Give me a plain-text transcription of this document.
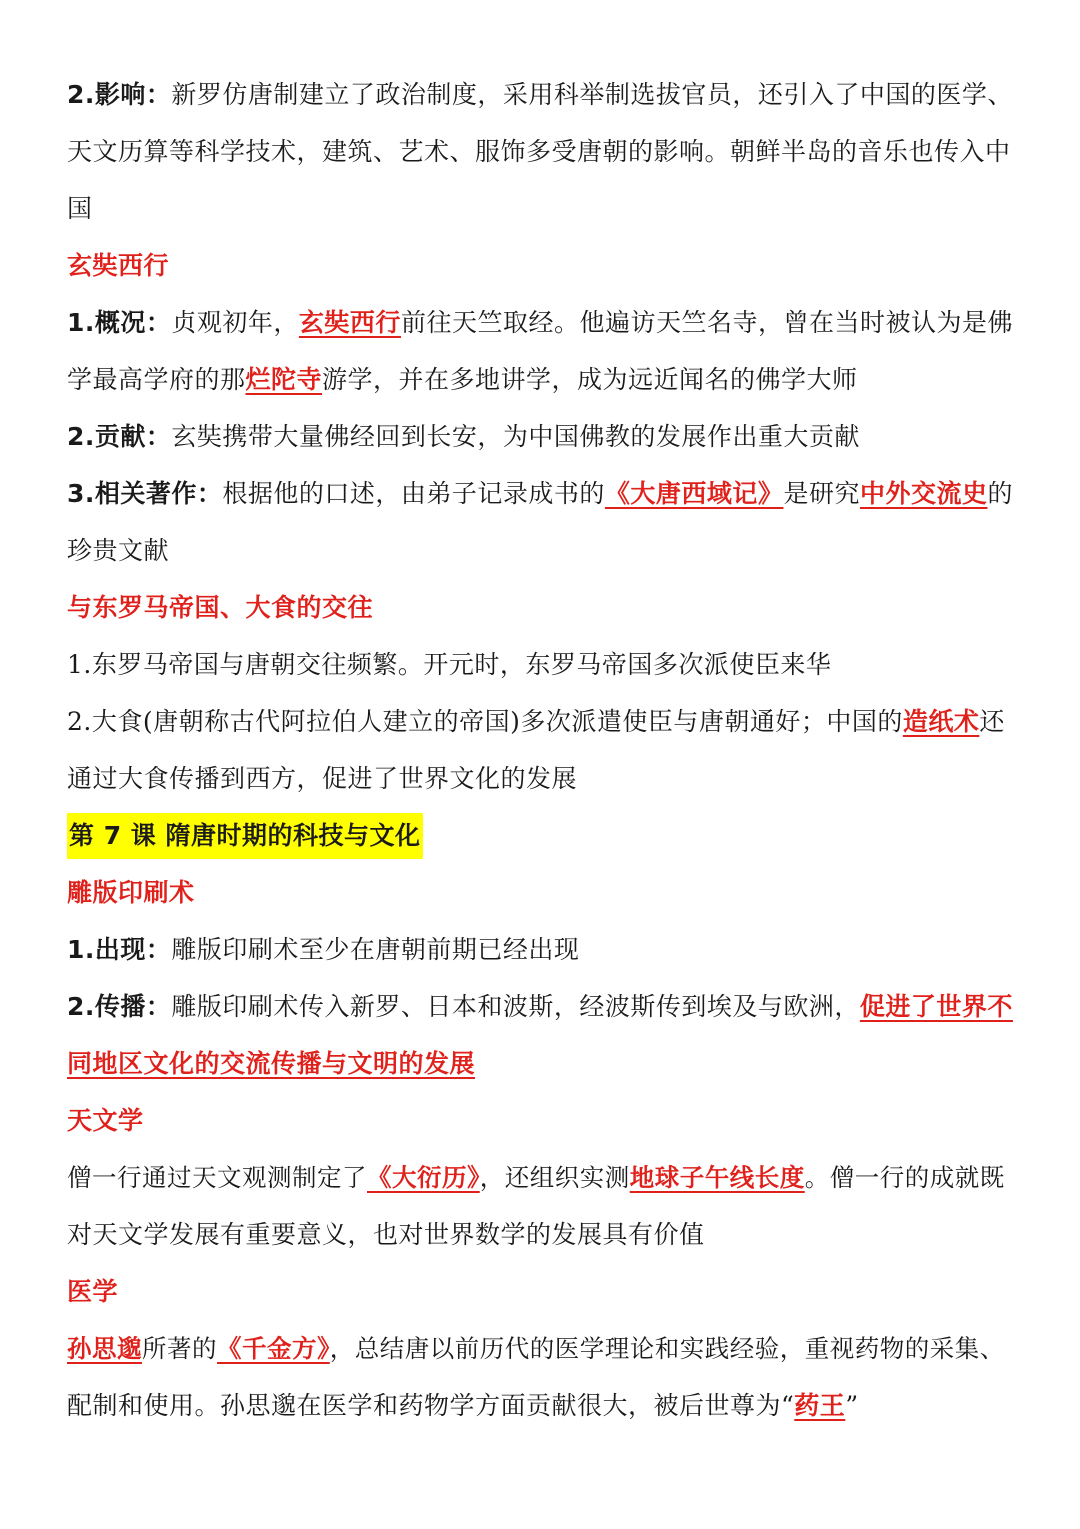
2.影响：新罗仿唐制建立了政治制度，采用科举制选拔官员，还引入了中国的医学、
天文历算等科学技术，建筑、艺术、服饰多受唐朝的影响。朝鲜半岛的音乐也传入中
国
玄奘西行
1.概况：贞观初年，玄奘西行前往天竺取经。他遍访天竺名寺，曾在当时被认为是佛
学最高学府的那烂陀寺游学，并在多地讲学，成为远近闻名的佛学大师
2.贡献：玄奘携带大量佛经回到长安，为中国佛教的发展作出重大贡献
3.相关著作：根据他的口述，由弟子记录成书的《大唐西域记》是研究中外交流史的
珍贵文献
与东罗马帝国、大食的交往
1.东罗马帝国与唐朝交往频繁。开元时，东罗马帝国多次派使臣来华
2.大食(唐朝称古代阿拉伯人建立的帝国)多次派遣使臣与唐朝通好；中国的造纸术还
通过大食传播到西方，促进了世界文化的发展
第 7 课 隋唐时期的科技与文化
雕版印刷术
1.出现：雕版印刷术至少在唐朝前期已经出现
2.传播：雕版印刷术传入新罗、日本和波斯，经波斯传到埃及与欧洲，促进了世界不
同地区文化的交流传播与文明的发展
天文学
僧一行通过天文观测制定了《大衍历》，还组织实测地球子午线长度。僧一行的成就既
对天文学发展有重要意义，也对世界数学的发展具有价值
医学
孙思邈所著的《千金方》，总结唐以前历代的医学理论和实践经验，重视药物的采集、
配制和使用。孙思邈在医学和药物学方面贡献很大，被后世尊为“药王”
